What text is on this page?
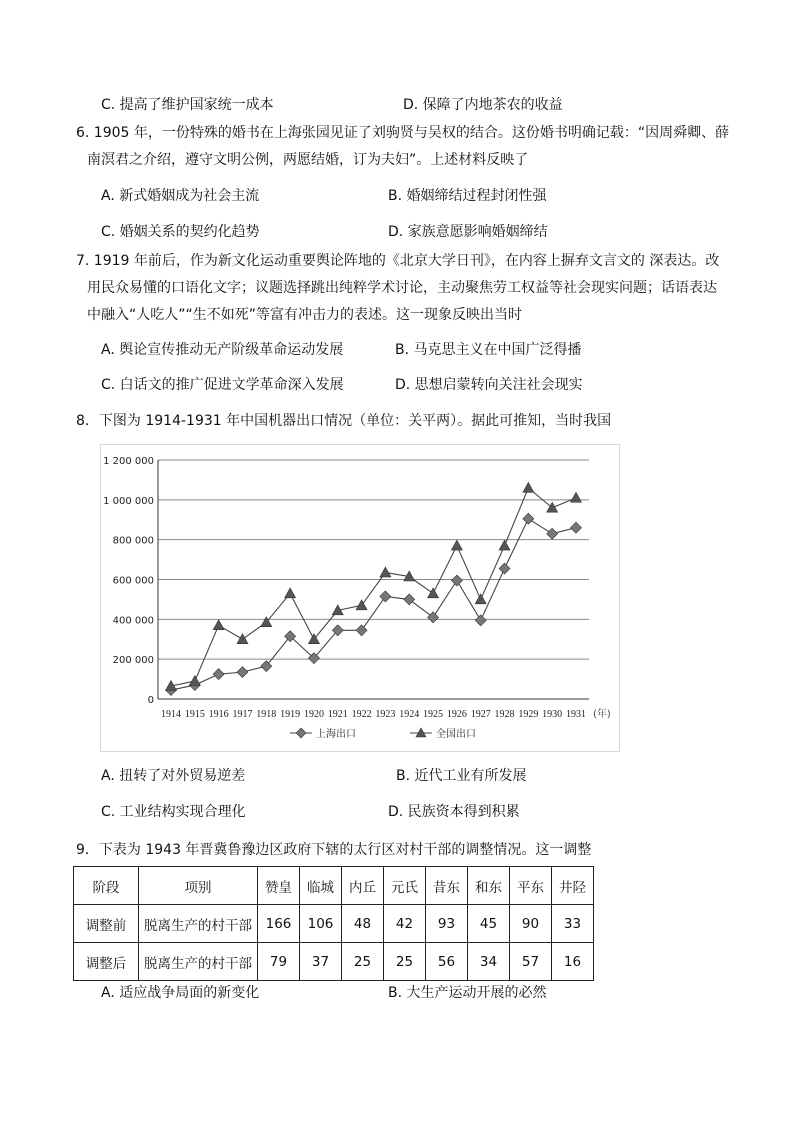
C. 提高了维护国家统一成本	D. 保障了内地茶农的收益
6. 1905 年，一份特殊的婚书在上海张园见证了刘驹贤与吴权的结合。这份婚书明确记载：“因周舜卿、薛
南溟君之介绍，遵守文明公例，两愿结婚，订为夫妇”。上述材料反映了
A. 新式婚姻成为社会主流	B. 婚姻缔结过程封闭性强
C. 婚姻关系的契约化趋势	D. 家族意愿影响婚姻缔结
7. 1919 年前后，作为新文化运动重要舆论阵地的《北京大学日刊》，在内容上摒弃文言文的 深表达。改
用民众易懂的口语化文字；议题选择跳出纯粹学术讨论，主动聚焦劳工权益等社会现实问题；话语表达
中融入“人吃人”“生不如死”等富有冲击力的表述。这一现象反映出当时
A. 舆论宣传推动无产阶级革命运动发展	B. 马克思主义在中国广泛得播
C. 白话文的推广促进文学革命深入发展	D. 思想启蒙转向关注社会现实
8．下图为 1914-1931 年中国机器出口情况（单位：关平两）。据此可推知，当时我国
0
200 000
400 000
600 000
800 000
1 000 000
1 200 000
1914 1915 1916 1917 1918 1919 1920 1921 1922 1923 1924 1925 1926 1927 1928 1929 1930 1931 (年)
上海出口	全国出口
A. 扭转了对外贸易逆差	B. 近代工业有所发展
C. 工业结构实现合理化	D. 民族资本得到积累
9．下表为 1943 年晋冀鲁豫边区政府下辖的太行区对村干部的调整情况。这一调整
阶段	项别	赞皇	临城	内丘	元氏	昔东	和东	平东	井陉
调整前	脱离生产的村干部	166	106	48	42	93	45	90	33
调整后	脱离生产的村干部	79	37	25	25	56	34	57	16
A. 适应战争局面的新变化	B. 大生产运动开展的必然
